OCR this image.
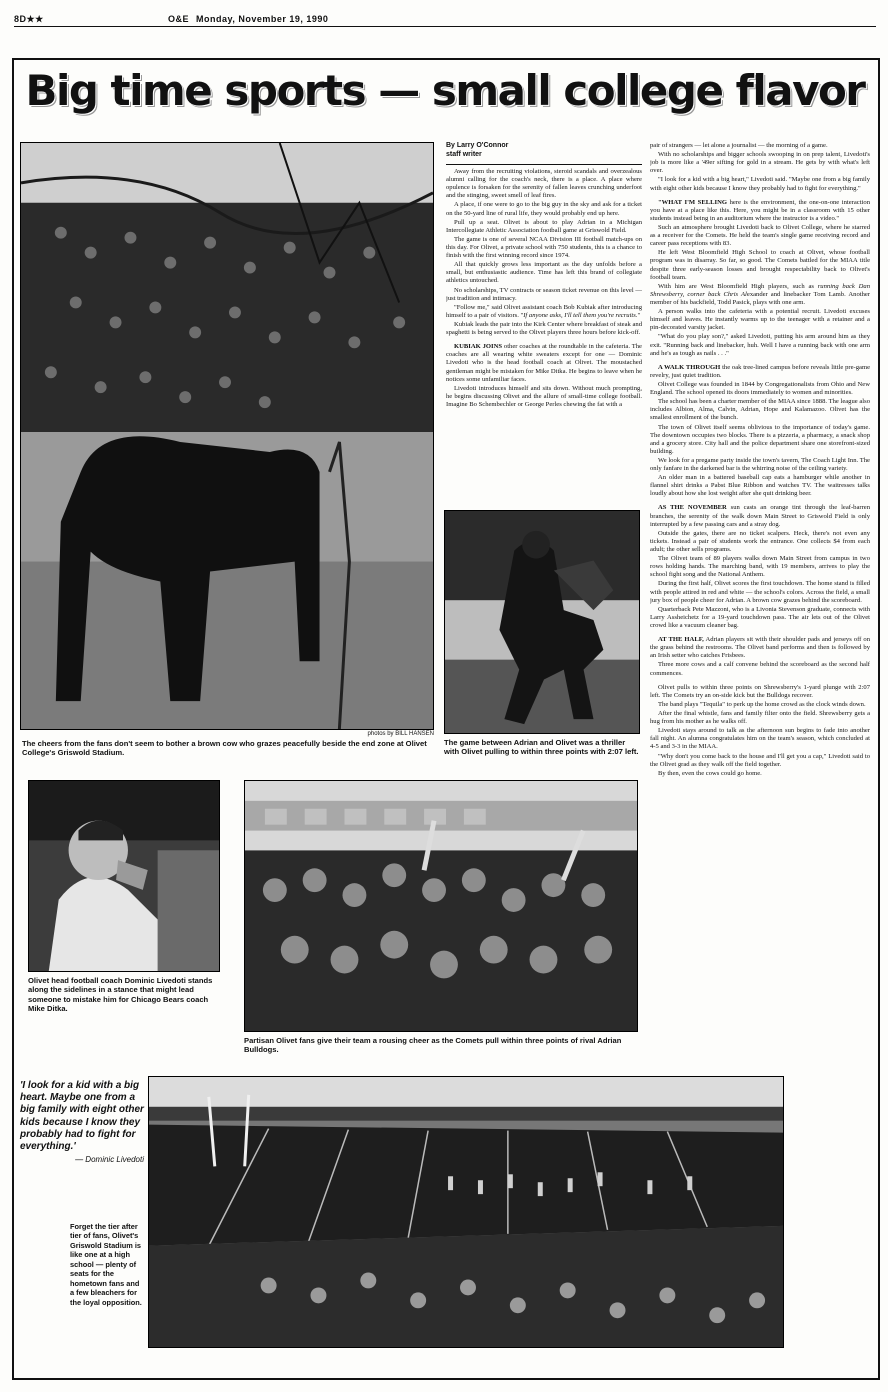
8D★★	O&E Monday, November 19, 1990
Big time sports — small college flavor
photos by BILL HANSEN
The cheers from the fans don't seem to bother a brown cow who grazes peacefully beside the end zone at Olivet College's Griswold Stadium.
The game between Adrian and Olivet was a thriller with Olivet pulling to within three points with 2:07 left.
By Larry O'Connor
staff writer

Away from the recruiting violations, steroid scandals and overzealous alumni calling for the coach's neck, there is a place. A place where opulence is forsaken for the serenity of fallen leaves crunching underfoot and the stinging, sweet smell of leaf fires.

A place, if one were to go to the big guy in the sky and ask for a ticket on the 50-yard line of rural life, they would probably end up here.

Pull up a seat. Olivet is about to play Adrian in a Michigan Intercollegiate Athletic Association football game at Griswold Field.

The game is one of several NCAA Division III football match-ups on this day. For Olivet, a private school with 750 students, this is a chance to finish with the first winning record since 1974.

All that quickly grows less important as the day unfolds before a small, but enthusiastic audience. Time has left this brand of collegiate athletics untouched.

No scholarships, TV contracts or season ticket revenue on this level — just tradition and intimacy.

"Follow me," said Olivet assistant coach Bob Kubiak after introducing himself to a pair of visitors. "If anyone asks, I'll tell them you're recruits."

Kubiak leads the pair into the Kirk Center where breakfast of steak and spaghetti is being served to the Olivet players three hours before kick-off.

KUBIAK JOINS other coaches at the roundtable in the cafeteria. The coaches are all wearing white sweaters except for one — Dominic Livedoti who is the head football coach at Olivet. The moustached gentleman might be mistaken for Mike Ditka. He begins to leave when he notices some unfamiliar faces.

Livedoti introduces himself and sits down. Without much prompting, he begins discussing Olivet and the allure of small-time college football. Imagine Bo Schembechler or George Perles chewing the fat with a

pair of strangers — let alone a journalist — the morning of a game.

With no scholarships and bigger schools swooping in on prep talent, Livedoti's job is more like a '49er sifting for gold in a stream. He gets by with what's left over.

"I look for a kid with a big heart," Livedoti said. "Maybe one from a big family with eight other kids because I know they probably had to fight for everything."

"WHAT I'M SELLING here is the environment, the one-on-one interaction you have at a place like this. Here, you might be in a classroom with 15 other students instead being in an auditorium where the instructor is a video."

Such an atmosphere brought Livedoti back to Olivet College, where he starred as a receiver for the Comets. He held the team's single game receiving record and career pass receptions with 83.

He left West Bloomfield High School to coach at Olivet, whose football program was in disarray. So far, so good. The Comets battled for the MIAA title despite three early-season losses and brought respectability back to Olivet's football team.

With him are West Bloomfield High players, such as running back Dan Shrewsberry, corner back Chris Alexander and linebacker Tom Lamb. Another member of his backfield, Todd Pasick, plays with one arm.

A person walks into the cafeteria with a potential recruit. Livedoti excuses himself and leaves. He instantly warms up to the teenager with a retainer and a pin-decorated varsity jacket.

"What do you play son?," asked Livedoti, putting his arm around him as they exit. "Running back and linebacker, huh. Well I have a running back with one arm and he's as tough as nails . . ."

A WALK THROUGH the oak tree-lined campus before reveals little pre-game revelry, just quiet tradition.

Olivet College was founded in 1844 by Congregationalists from Ohio and New England. The school opened its doors immediately to women and minorities.

The school has been a charter member of the MIAA since 1888. The league also includes Albion, Alma, Calvin, Adrian, Hope and Kalamazoo. Olivet has the smallest enrollment of the bunch.

The town of Olivet itself seems oblivious to the importance of today's game. The downtown occupies two blocks. There is a pizzeria, a pharmacy, a snack shop and a grocery store. City hall and the police department share one storefront-sized building.

We look for a pregame party inside the town's tavern, The Coach Light Inn. The only fanfare in the darkened bar is the whirring noise of the ceiling variety.

An older man in a battered baseball cap eats a hamburger while another in flannel shirt drinks a Pabst Blue Ribbon and watches TV. The waitresses talks loudly about how she lost weight after she quit drinking beer.

AS THE NOVEMBER sun casts an orange tint through the leaf-barren branches, the serenity of the walk down Main Street to Griswold Field is only interrupted by a few passing cars and a stray dog.

Outside the gates, there are no ticket scalpers. Heck, there's not even any tickets. Instead a pair of students work the entrance. One collects $4 from each adult; the other sells programs.

The Olivet team of 89 players walks down Main Street from campus in two rows holding hands. The marching band, with 19 members, arrives to play the school fight song and the National Anthem.

During the first half, Olivet scores the first touchdown. The home stand is filled with people attired in red and white — the school's colors. Across the field, a small jury box of people cheer for Adrian. A brown cow grazes behind the scoreboard.

Quarterback Pete Mazzoni, who is a Livonia Stevenson graduate, connects with Larry Assheichetz for a 19-yard touchdown pass. The air lets out of the Olivet crowd like a vacuum cleaner bag.

AT THE HALF, Adrian players sit with their shoulder pads and jerseys off on the grass behind the restrooms. The Olivet band performs and then is followed by an Irish setter who catches Frisbees.

Three more cows and a calf convene behind the scoreboard as the second half commences.

Olivet pulls to within three points on Shrewsberry's 1-yard plunge with 2:07 left. The Comets try an on-side kick but the Bulldogs recover.

The band plays "Tequila" to perk up the home crowd as the clock winds down.

After the final whistle, fans and family filter onto the field. Shrewsberry gets a hug from his mother as he walks off.

Livedoti stays around to talk as the afternoon sun begins to fade into another fall night. An alumna congratulates him on the team's season, which concluded at 4-5 and 3-3 in the MIAA.

"Why don't you come back to the house and I'll get you a cap," Livedoti said to the Olivet grad as they walk off the field together.

By then, even the cows could go home.

Olivet head football coach Dominic Livedoti stands along the sidelines in a stance that might lead someone to mistake him for Chicago Bears coach Mike Ditka.
Partisan Olivet fans give their team a rousing cheer as the Comets pull within three points of rival Adrian Bulldogs.
'I look for a kid with a big heart. Maybe one from a big family with eight other kids because I know they probably had to fight for everything.'
— Dominic Livedoti
Forget the tier after tier of fans, Olivet's Griswold Stadium is like one at a high school — plenty of seats for the hometown fans and a few bleachers for the loyal opposition.
